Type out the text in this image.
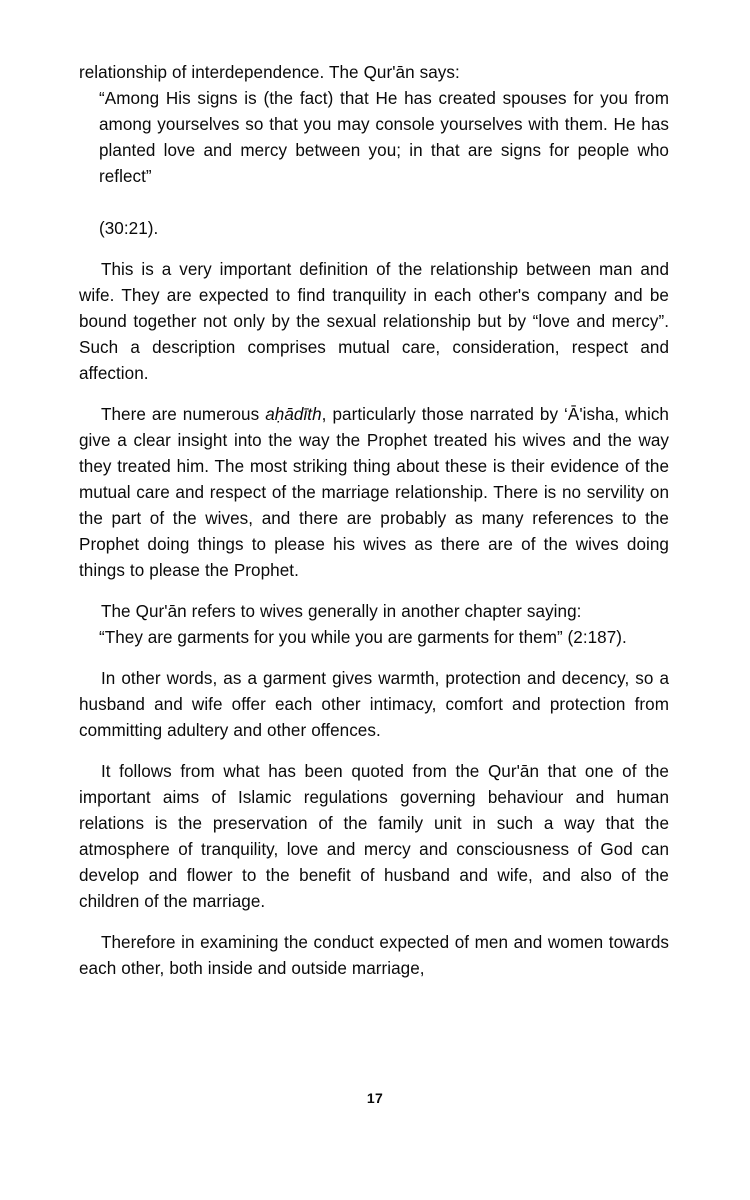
relationship of interdependence. The Qur'ān says:

“Among His signs is (the fact) that He has created spouses for you from among yourselves so that you may console yourselves with them. He has planted love and mercy between you; in that are signs for people who reflect”

(30:21).

This is a very important definition of the relationship between man and wife. They are expected to find tranquility in each other's company and be bound together not only by the sexual relationship but by “love and mercy”. Such a description comprises mutual care, consideration, respect and affection.

There are numerous aḥādīth, particularly those narrated by ‘Ā'isha, which give a clear insight into the way the Prophet treated his wives and the way they treated him. The most striking thing about these is their evidence of the mutual care and respect of the marriage relationship. There is no servility on the part of the wives, and there are probably as many references to the Prophet doing things to please his wives as there are of the wives doing things to please the Prophet.

The Qur'ān refers to wives generally in another chapter saying:

“They are garments for you while you are garments for them” (2:187).

In other words, as a garment gives warmth, protection and decency, so a husband and wife offer each other intimacy, comfort and protection from committing adultery and other offences.

It follows from what has been quoted from the Qur'ān that one of the important aims of Islamic regulations governing behaviour and human relations is the preservation of the family unit in such a way that the atmosphere of tranquility, love and mercy and consciousness of God can develop and flower to the benefit of husband and wife, and also of the children of the marriage.

Therefore in examining the conduct expected of men and women towards each other, both inside and outside marriage,

17
